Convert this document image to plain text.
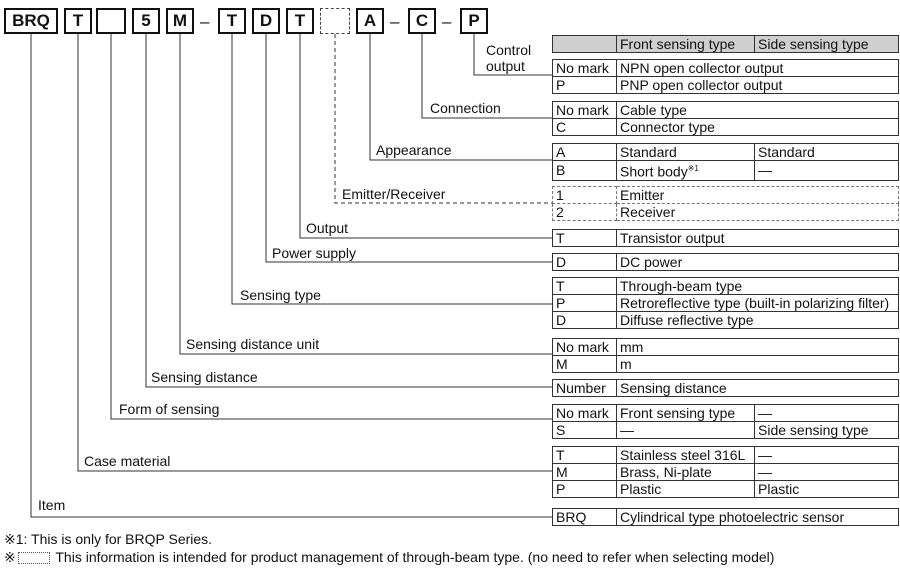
BRQ	T	5	M –	T	D	T	A – C – P
Control
output
Connection
Appearance
Emitter/Receiver
Output
Power supply
Sensing type
Sensing distance unit
Sensing distance
Form of sensing
Case material
Item
	Front sensing type	Side sensing type
No mark	NPN open collector output
P	PNP open collector output
No mark	Cable type
C	Connector type
A	Standard	Standard
B	Short body$^{※1}$	—
1	Emitter
2	Receiver
T	Transistor output
D	DC power
T	Through-beam type
P	Retroreflective type (built-in polarizing filter)
D	Diffuse reflective type
No mark	mm
M	m
Number	Sensing distance
No mark	Front sensing type	—
S	—	Side sensing type
T	Stainless steel 316L	—
M	Brass, Ni-plate	—
P	Plastic	Plastic
BRQ	Cylindrical type photoelectric sensor
※1: This is only for BRQP Series.
※	This information is intended for product management of through-beam type. (no need to refer when selecting model)
